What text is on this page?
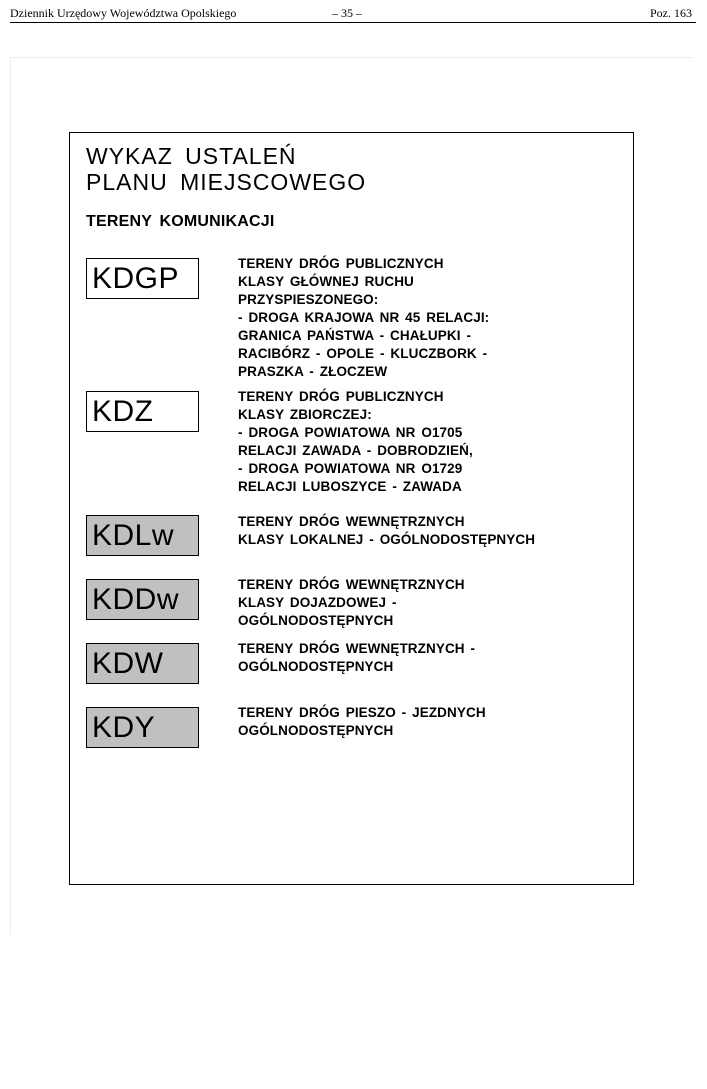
Dziennik Urzędowy Województwa Opolskiego	– 35 –	Poz. 163
WYKAZ USTALEŃ
PLANU MIEJSCOWEGO
TERENY KOMUNIKACJI
KDGP	TERENY DRÓG PUBLICZNYCH
KLASY GŁÓWNEJ RUCHU
PRZYSPIESZONEGO:
- DROGA KRAJOWA NR 45 RELACJI:
GRANICA PAŃSTWA - CHAŁUPKI -
RACIBÓRZ - OPOLE - KLUCZBORK -
PRASZKA - ZŁOCZEW
KDZ	TERENY DRÓG PUBLICZNYCH
KLASY ZBIORCZEJ:
- DROGA POWIATOWA NR O1705
RELACJI ZAWADA - DOBRODZIEŃ,
- DROGA POWIATOWA NR O1729
RELACJI LUBOSZYCE - ZAWADA
KDLw	TERENY DRÓG WEWNĘTRZNYCH
KLASY LOKALNEJ - OGÓLNODOSTĘPNYCH
KDDw	TERENY DRÓG WEWNĘTRZNYCH
KLASY DOJAZDOWEJ -
OGÓLNODOSTĘPNYCH
KDW	TERENY DRÓG WEWNĘTRZNYCH -
OGÓLNODOSTĘPNYCH
KDY	TERENY DRÓG PIESZO - JEZDNYCH
OGÓLNODOSTĘPNYCH
